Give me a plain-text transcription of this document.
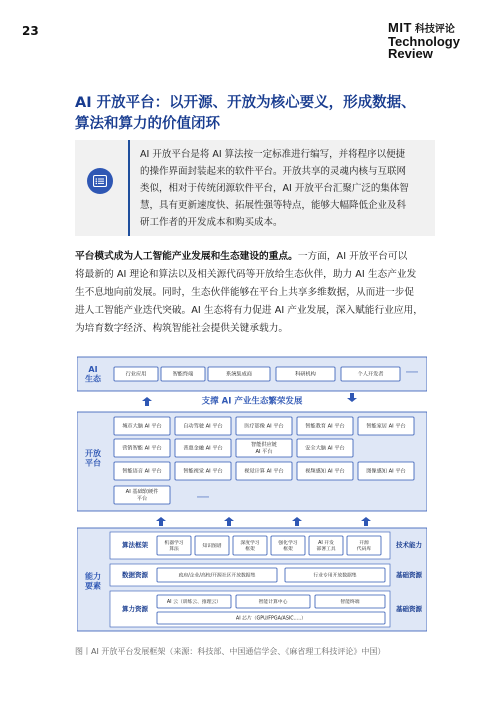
23	MIT 科技评论
Technology
Review
AI 开放平台：以开源、开放为核心要义，形成数据、
算法和算力的价值闭环
AI 开放平台是将 AI 算法按一定标准进行编写，并将程序以便捷
的操作界面封装起来的软件平台。开放共享的灵魂内核与互联网
类似，相对于传统闭源软件平台，AI 开放平台汇聚广泛的集体智
慧，具有更新速度快、拓展性强等特点，能够大幅降低企业及科
研工作者的开发成本和购买成本。
平台模式成为人工智能产业发展和生态建设的重点。一方面，AI 开放平台可以
将最新的 AI 理论和算法以及相关源代码等开放给生态伙伴，助力 AI 生态产业发
生不息地向前发展。同时，生态伙伴能够在平台上共享多维数据，从而进一步促
进人工智能产业迭代突破。AI 生态将有力促进 AI 产业发展，深入赋能行业应用，
为培育数字经济、构筑智能社会提供关键承载力。
AI
生态	行业应用	智能终端	系统集成商	科研机构	个人开发者	……
支撑 AI 产业生态繁荣发展
开放
平台
城市大脑 AI 平台	自动驾驶 AI 平台	医疗影像 AI 平台	智能教育 AI 平台	智能家居 AI 平台
营销智能 AI 平台	普惠金融 AI 平台
智能供应链
AI 平台
安全大脑 AI 平台
智能语音 AI 平台	智能视觉 AI 平台	视觉计算 AI 平台	视频感知 AI 平台	图像感知 AI 平台
AI 基础软硬件
平台	……
能力
要素
算法框架	机器学习
算法
知识图谱
深度学习
框架
强化学习
框架
AI 开发
部署工具
开源
代码库
技术能力
数据资源	政府/企业/高校/开源社区开放数据集	行业专用开放数据集	基础资源
算力资源
AI 云（训练云、推理云）	智能计算中心	智能终端
AI 芯片（GPU/FPGA/ASIC.....）
基础资源
图丨AI 开放平台发展框架（来源：科技部、中国通信学会、《麻省理工科技评论》中国）
